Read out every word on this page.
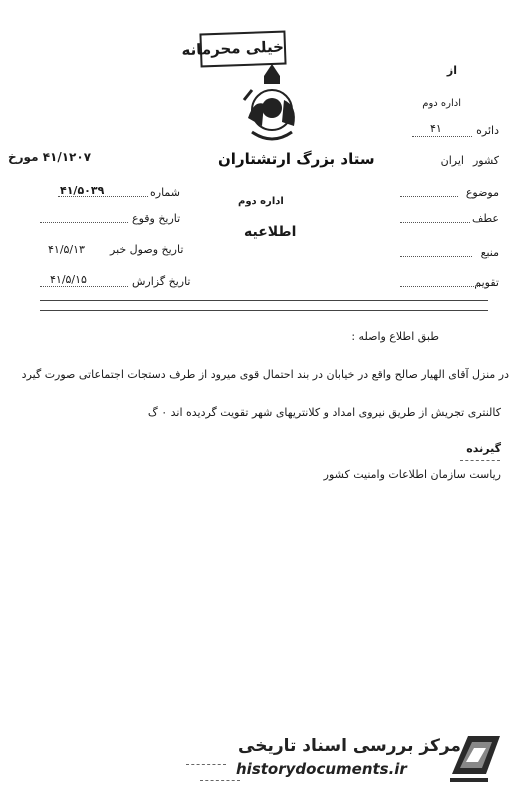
خیلی محرمانه
از
اداره دوم
دائره
۴۱
کشور
ایران
ستاد بزرگ ارتشتاران
۴۱/۱۲۰۷ مورخ
موضوع
عطف
منبع
تقویم
اداره دوم
اطلاعیه
شماره
۴۱/۵۰۳۹
تاریخ وقوع
تاریخ وصول خبر
۴۱/۵/۱۳
تاریخ گزارش
۴۱/۵/۱۵
طبق اطلاع واصله :
در منزل آقای الهیار صالح واقع در خیابان در بند احتمال قوی میرود از طرف دستجات اجتماعاتی صورت گیرد
کالنتری تجریش از طریق نیروی امداد و کلانتریهای شهر تقویت گردیده اند ۰ گ
گیرنده
ریاست سازمان اطلاعات وامنیت کشور
مرکز بررسی اسناد تاریخی
historydocuments.ir
